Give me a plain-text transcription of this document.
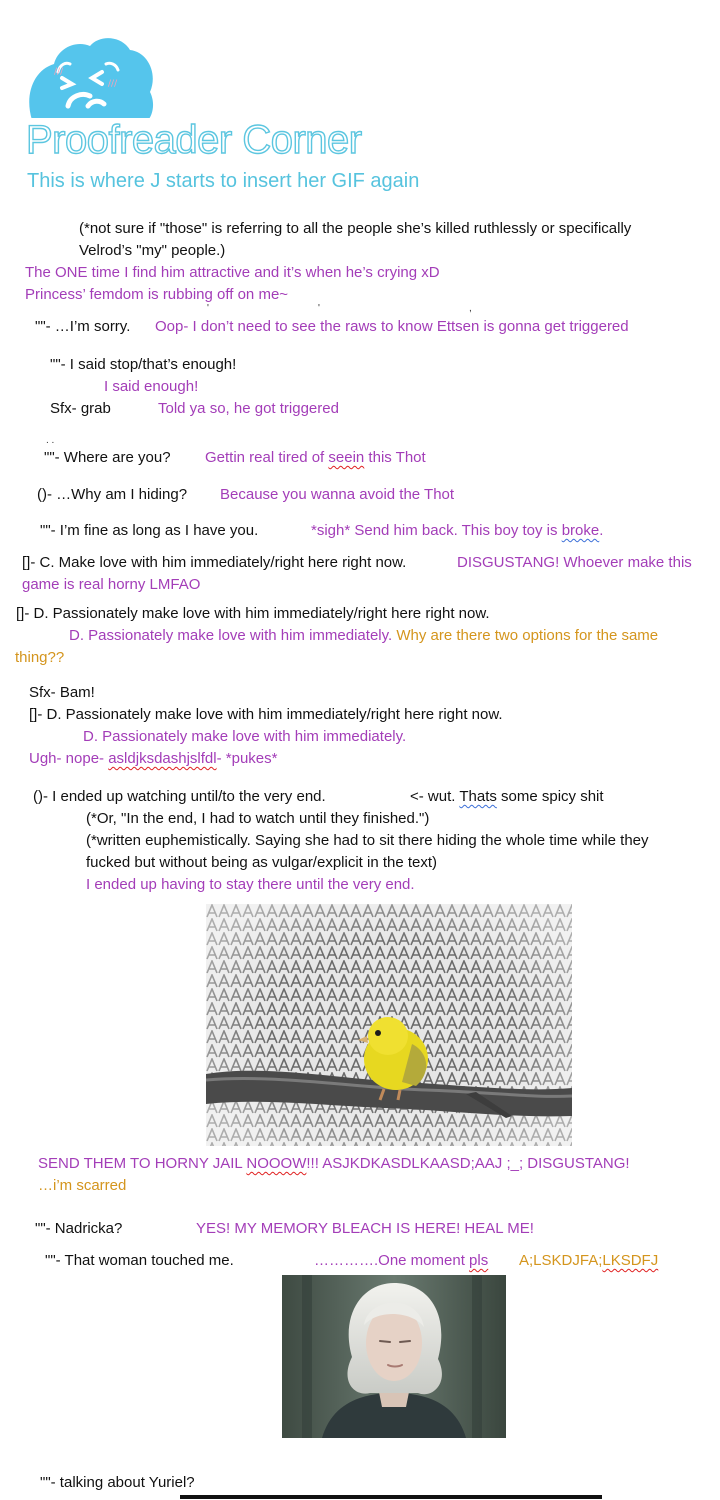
///
///
Proofreader Corner
This is where J starts to insert her GIF again
(*not sure if "those" is referring to all the people she’s killed ruthlessly or specifically
Velrod’s "my" people.)
The ONE time I find him attractive and it’s when he’s crying xD
Princess’ femdom is rubbing off on me~
'	'	,
""- …I’m sorry. Oop- I don’t need to see the raws to know Ettsen is gonna get triggered
""- I said stop/that’s enough!
I said enough!
Sfx- grab	Told ya so, he got triggered
. .
""- Where are you? Gettin real tired of seein this Thot
()- …Why am I hiding? Because you wanna avoid the Thot
""- I’m fine as long as I have you.	*sigh* Send him back. This boy toy is broke.
[]- C. Make love with him immediately/right here right now.	DISGUSTANG! Whoever make this
game is real horny LMFAO
[]- D. Passionately make love with him immediately/right here right now.
D. Passionately make love with him immediately. Why are there two options for the same
thing??
Sfx- Bam!
[]- D. Passionately make love with him immediately/right here right now.
D. Passionately make love with him immediately.
Ugh- nope- asldjksdashjslfdl- *pukes*
()- I ended up watching until/to the very end.	<- wut. Thats some spicy shit
(*Or, "In the end, I had to watch until they finished.")
(*written euphemistically. Saying she had to sit there hiding the whole time while they
fucked but without being as vulgar/explicit in the text)
I ended up having to stay there until the very end.
SEND THEM TO HORNY JAIL NOOOW!!! ASJKDKASDLKAASD;AAJ ;_; DISGUSTANG!
…i’m scarred
""- Nadricka?	YES! MY MEMORY BLEACH IS HERE! HEAL ME!
""- That woman touched me.	………….One moment pls A;LSKDJFA;LKSDFJ
""- talking about Yuriel?
